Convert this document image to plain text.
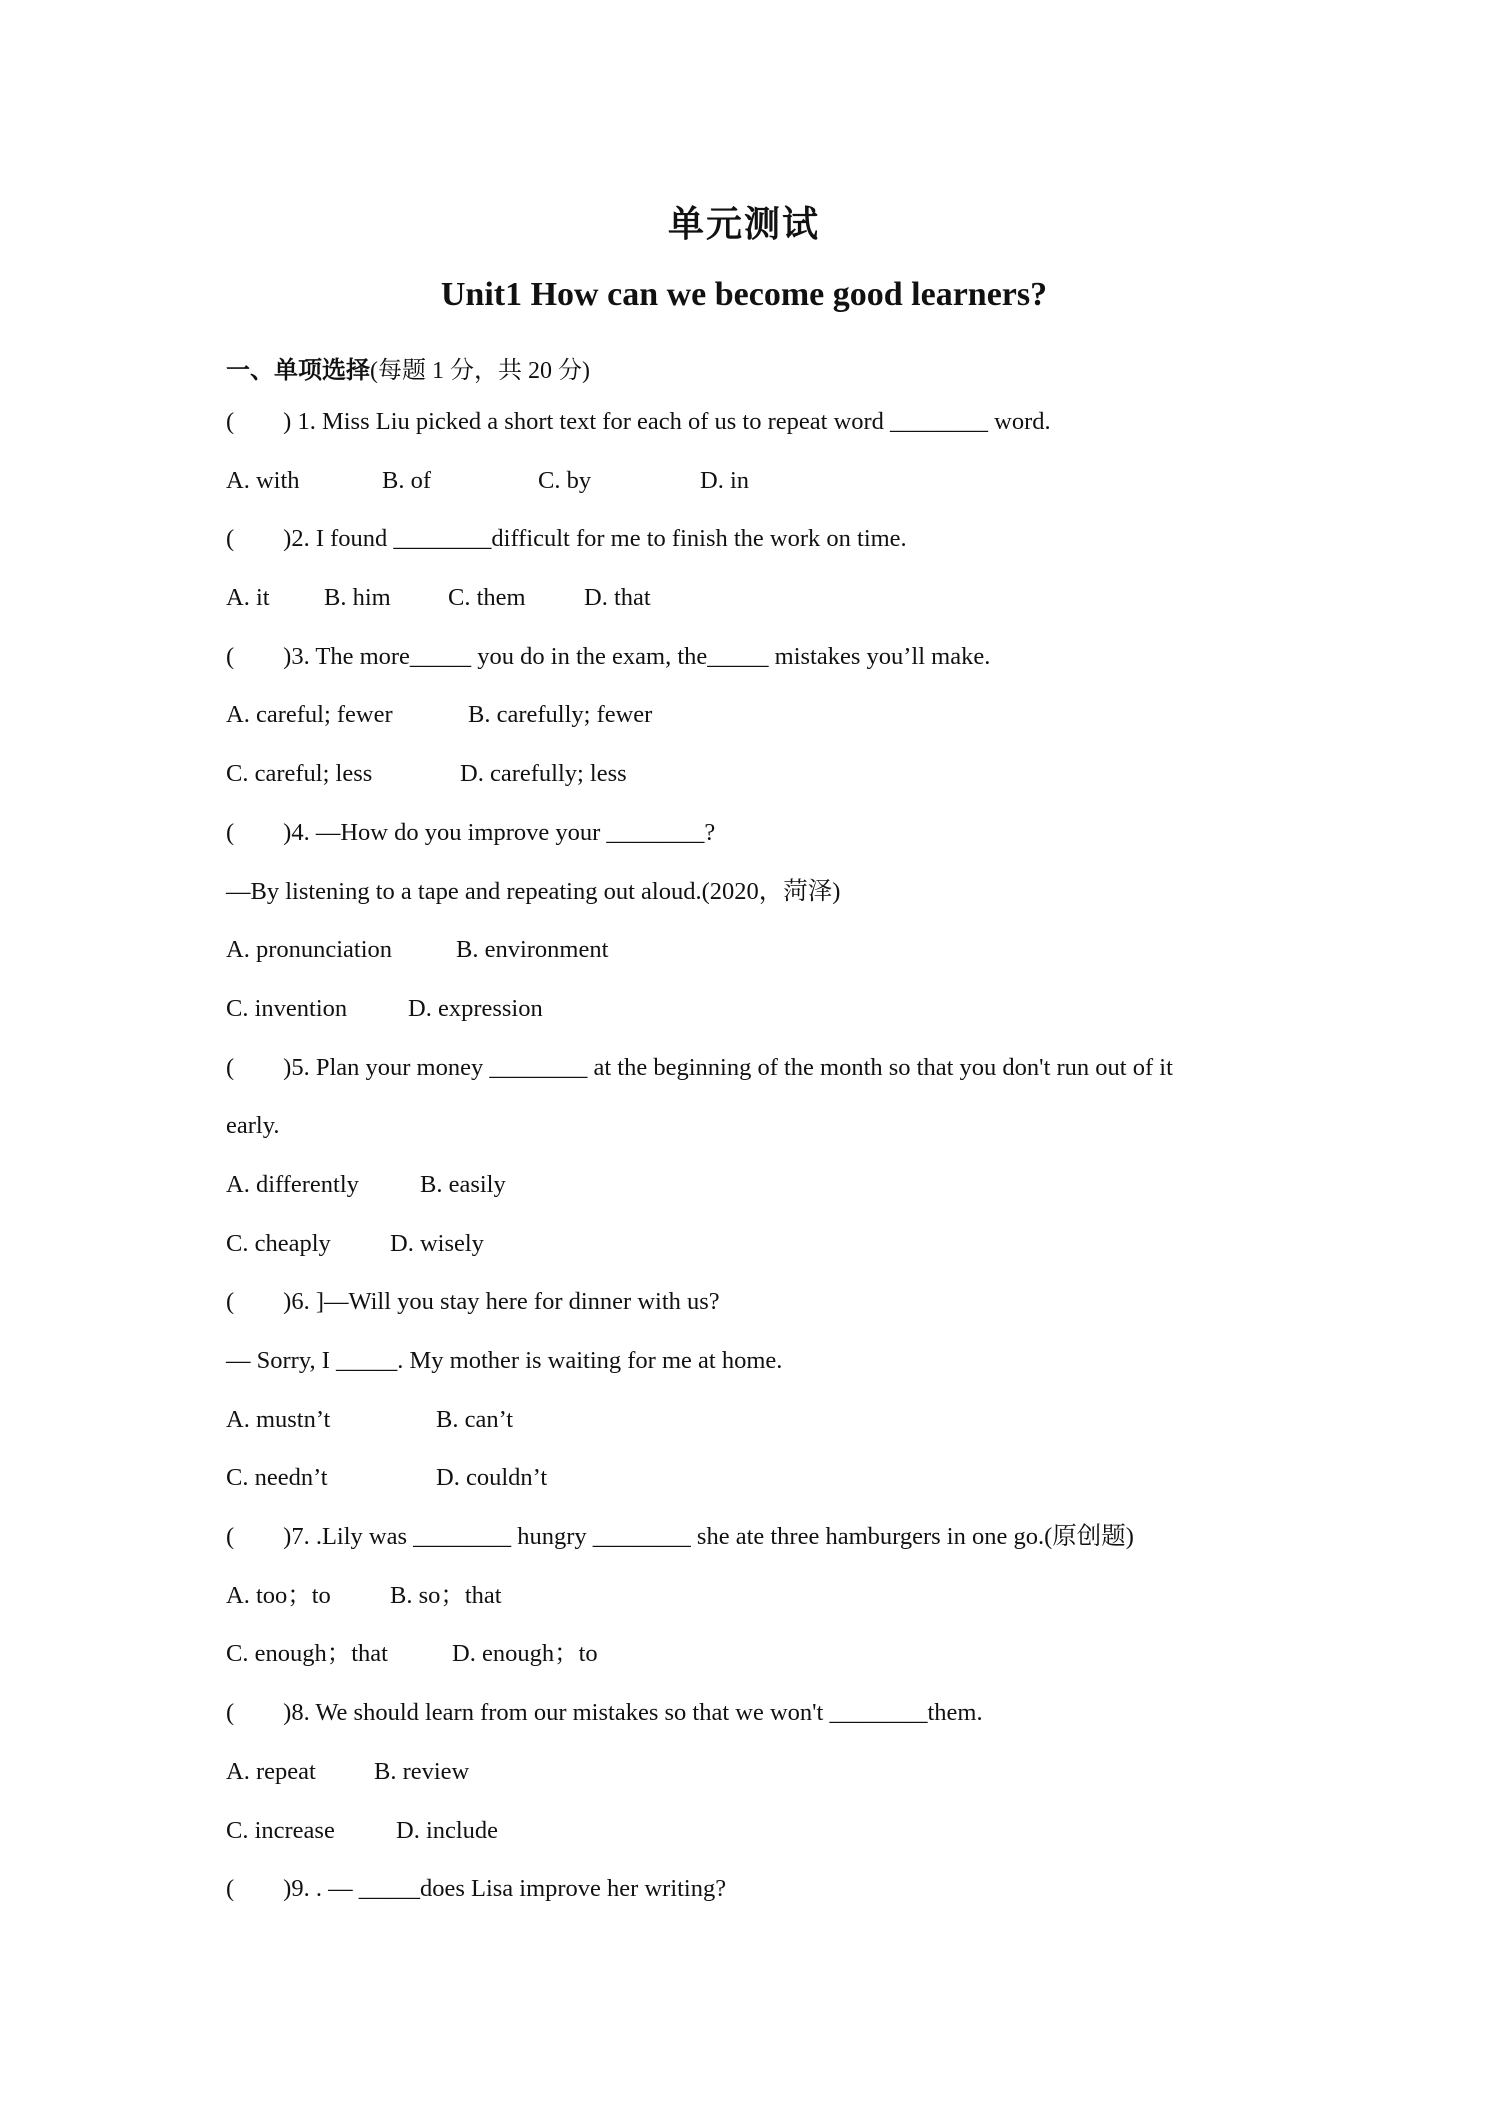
单元测试
Unit1 How can we become good learners?
一、单项选择(每题 1 分，共 20 分)
(        ) 1. Miss Liu picked a short text for each of us to repeat word ________ word.
A. with	B. of	C. by	D. in
(        )2. I found ________difficult for me to finish the work on time.
A. it B. him C. them D. that
(        )3. The more_____ you do in the exam, the_____ mistakes you’ll make.
A. careful; fewer	B. carefully; fewer
C. careful; less	D. carefully; less
(        )4. —How do you improve your ________?
—By listening to a tape and repeating out aloud.(2020，菏泽)
A. pronunciation	B. environment
C. invention D. expression
(        )5. Plan your money ________ at the beginning of the month so that you don't run out of it
early.
A. differently B. easily
C. cheaply D. wisely
(        )6. ]—Will you stay here for dinner with us?
— Sorry, I _____. My mother is waiting for me at home.
A. mustn’t	B. can’t
C. needn’t	D. couldn’t
(        )7. .Lily was ________ hungry ________ she ate three hamburgers in one go.(原创题)
A. too；to B. so；that
C. enough；that	D. enough；to
(        )8. We should learn from our mistakes so that we won't ________them.
A. repeat B. review
C. increase D. include
(        )9. . — _____does Lisa improve her writing?
